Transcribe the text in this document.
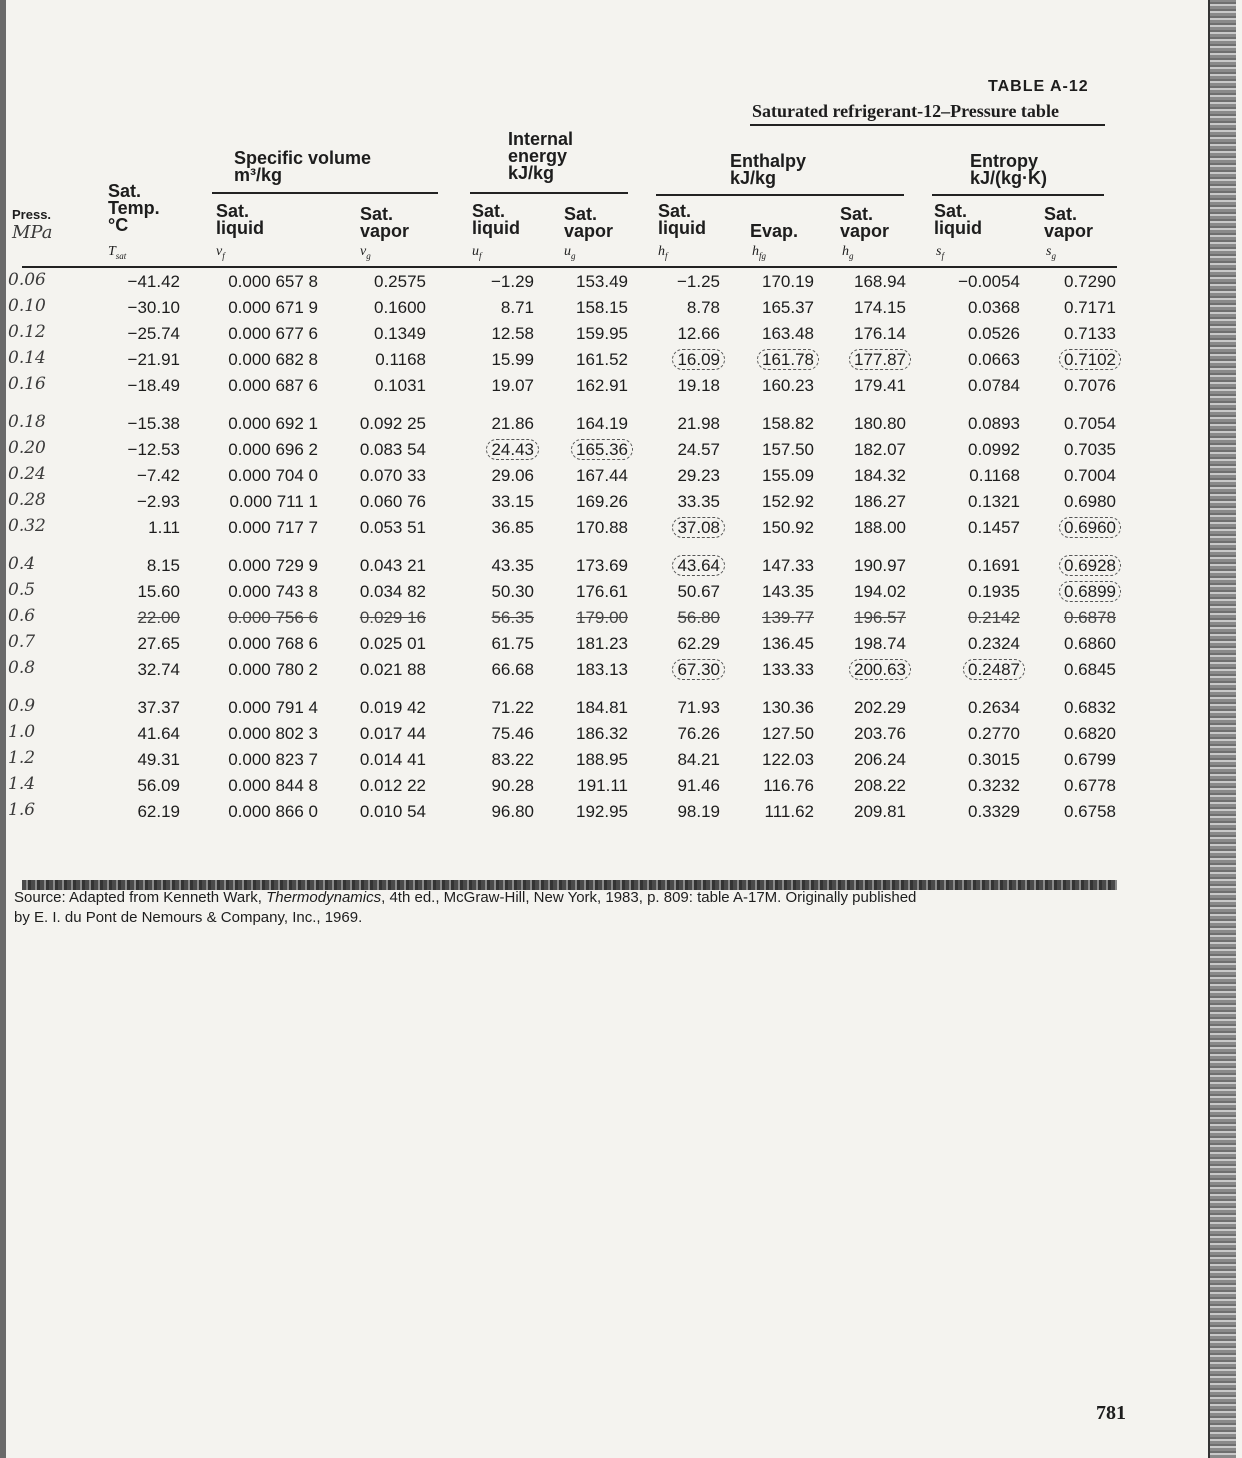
TABLE A-12
Saturated refrigerant-12–Pressure table
Specific volume
m³/kg
Internal
energy
kJ/kg
Enthalpy
kJ/kg
Entropy
kJ/(kg·K)
Press.
MPa
Sat.
Temp.
°C
$T_{sat}$
Sat.
liquid
$v_f$
Sat.
vapor
$v_g$
Sat.
liquid
$u_f$
Sat.
vapor
$u_g$
Sat.
liquid
$h_f$
Evap.
$h_{fg}$
Sat.
vapor
$h_g$
Sat.
liquid
$s_f$
Sat.
vapor
$s_g$
0.06	−41.42	0.000 657 8	0.2575	−1.29	153.49	−1.25	170.19	168.94	−0.0054	0.7290
0.10	−30.10	0.000 671 9	0.1600	8.71	158.15	8.78	165.37	174.15	0.0368	0.7171
0.12	−25.74	0.000 677 6	0.1349	12.58	159.95	12.66	163.48	176.14	0.0526	0.7133
0.14	−21.91	0.000 682 8	0.1168	15.99	161.52	16.09	161.78	177.87	0.0663	0.7102
0.16	−18.49	0.000 687 6	0.1031	19.07	162.91	19.18	160.23	179.41	0.0784	0.7076
0.18	−15.38	0.000 692 1	0.092 25	21.86	164.19	21.98	158.82	180.80	0.0893	0.7054
0.20	−12.53	0.000 696 2	0.083 54	24.43	165.36	24.57	157.50	182.07	0.0992	0.7035
0.24	−7.42	0.000 704 0	0.070 33	29.06	167.44	29.23	155.09	184.32	0.1168	0.7004
0.28	−2.93	0.000 711 1	0.060 76	33.15	169.26	33.35	152.92	186.27	0.1321	0.6980
0.32	1.11	0.000 717 7	0.053 51	36.85	170.88	37.08	150.92	188.00	0.1457	0.6960
0.4	8.15	0.000 729 9	0.043 21	43.35	173.69	43.64	147.33	190.97	0.1691	0.6928
0.5	15.60	0.000 743 8	0.034 82	50.30	176.61	50.67	143.35	194.02	0.1935	0.6899
0.6	22.00	0.000 756 6	0.029 16	56.35	179.00	56.80	139.77	196.57	0.2142	0.6878
0.7	27.65	0.000 768 6	0.025 01	61.75	181.23	62.29	136.45	198.74	0.2324	0.6860
0.8	32.74	0.000 780 2	0.021 88	66.68	183.13	67.30	133.33	200.63	0.2487	0.6845
0.9	37.37	0.000 791 4	0.019 42	71.22	184.81	71.93	130.36	202.29	0.2634	0.6832
1.0	41.64	0.000 802 3	0.017 44	75.46	186.32	76.26	127.50	203.76	0.2770	0.6820
1.2	49.31	0.000 823 7	0.014 41	83.22	188.95	84.21	122.03	206.24	0.3015	0.6799
1.4	56.09	0.000 844 8	0.012 22	90.28	191.11	91.46	116.76	208.22	0.3232	0.6778
1.6	62.19	0.000 866 0	0.010 54	96.80	192.95	98.19	111.62	209.81	0.3329	0.6758
Source: Adapted from Kenneth Wark, Thermodynamics, 4th ed., McGraw-Hill, New York, 1983, p. 809: table A-17M. Originally published
by E. I. du Pont de Nemours & Company, Inc., 1969.
781
